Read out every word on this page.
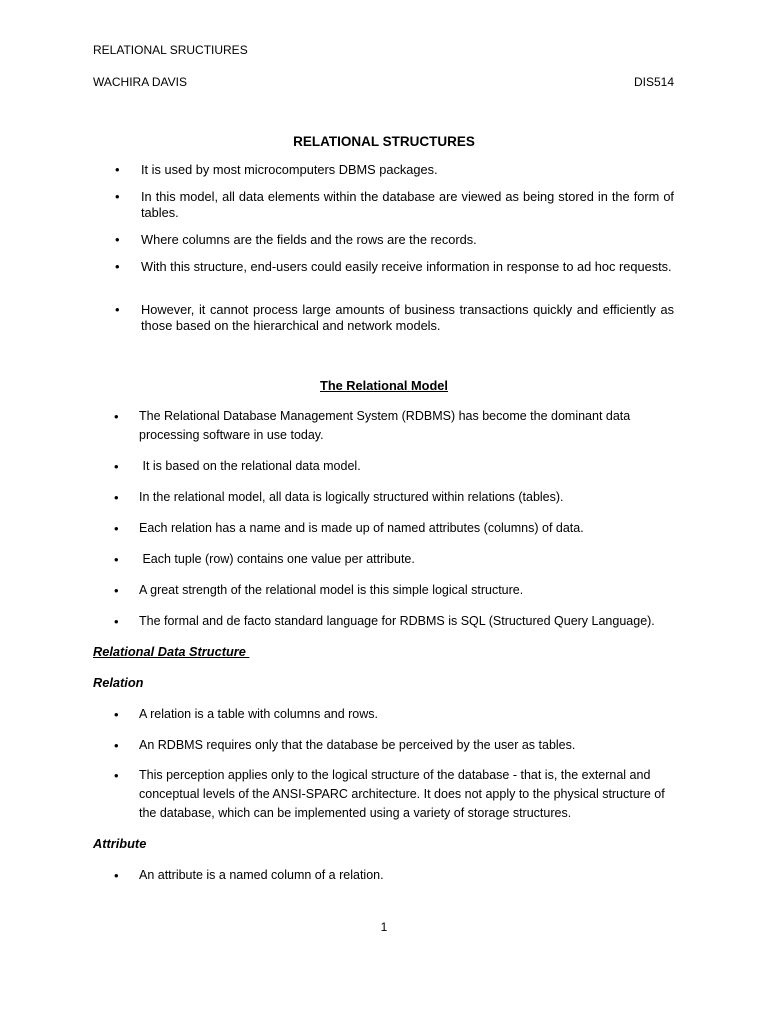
RELATIONAL SRUCTIURES
WACHIRA DAVIS	DIS514
RELATIONAL STRUCTURES
• It is used by most microcomputers DBMS packages.
• In this model, all data elements within the database are viewed as being stored in the form of tables.
• Where columns are the fields and the rows are the records.
• With this structure, end-users could easily receive information in response to ad hoc requests.
• However, it cannot process large amounts of business transactions quickly and efficiently as those based on the hierarchical and network models.
The Relational Model
• The Relational Database Management System (RDBMS) has become the dominant data processing software in use today.
• It is based on the relational data model.
• In the relational model, all data is logically structured within relations (tables).
• Each relation has a name and is made up of named attributes (columns) of data.
• Each tuple (row) contains one value per attribute.
• A great strength of the relational model is this simple logical structure.
• The formal and de facto standard language for RDBMS is SQL (Structured Query Language).
Relational Data Structure
Relation
• A relation is a table with columns and rows.
• An RDBMS requires only that the database be perceived by the user as tables.
• This perception applies only to the logical structure of the database - that is, the external and conceptual levels of the ANSI-SPARC architecture. It does not apply to the physical structure of the database, which can be implemented using a variety of storage structures.
Attribute
• An attribute is a named column of a relation.
1
